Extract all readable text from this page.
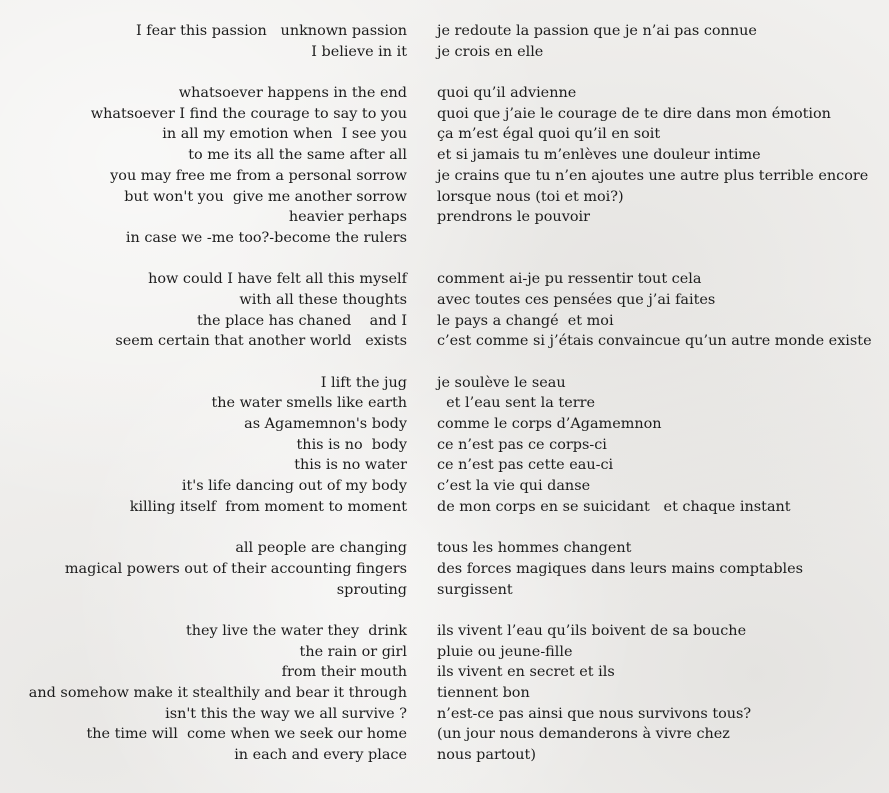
I fear this passion   unknown passion je redoute la passion que je n’ai pas connue
I believe in it je crois en elle
whatsoever happens in the end quoi qu’il advienne
whatsoever I find the courage to say to you quoi que j’aie le courage de te dire dans mon émotion
in all my emotion when  I see you ça m’est égal quoi qu’il en soit
to me its all the same after all et si jamais tu m’enlèves une douleur intime
you may free me from a personal sorrow je crains que tu n’en ajoutes une autre plus terrible encore
but won't you  give me another sorrow lorsque nous (toi et moi?)
heavier perhaps prendrons le pouvoir
in case we -me too?-become the rulers
how could I have felt all this myself comment ai-je pu ressentir tout cela
with all these thoughts avec toutes ces pensées que j’ai faites
the place has chaned    and I le pays a changé  et moi
seem certain that another world   exists c’est comme si j’étais convaincue qu’un autre monde existe
I lift the jug je soulève le seau
the water smells like earth et l’eau sent la terre
as Agamemnon's body comme le corps d’Agamemnon
this is no  body ce n’est pas ce corps-ci
this is no water ce n’est pas cette eau-ci
it's life dancing out of my body c’est la vie qui danse
killing itself  from moment to moment de mon corps en se suicidant   et chaque instant
all people are changing tous les hommes changent
magical powers out of their accounting fingers des forces magiques dans leurs mains comptables
sprouting surgissent
they live the water they  drink ils vivent l’eau qu’ils boivent de sa bouche
the rain or girl pluie ou jeune-fille
from their mouth ils vivent en secret et ils
and somehow make it stealthily and bear it through tiennent bon
isn't this the way we all survive ? n’est-ce pas ainsi que nous survivons tous?
the time will  come when we seek our home (un jour nous demanderons à vivre chez
in each and every place nous partout)
